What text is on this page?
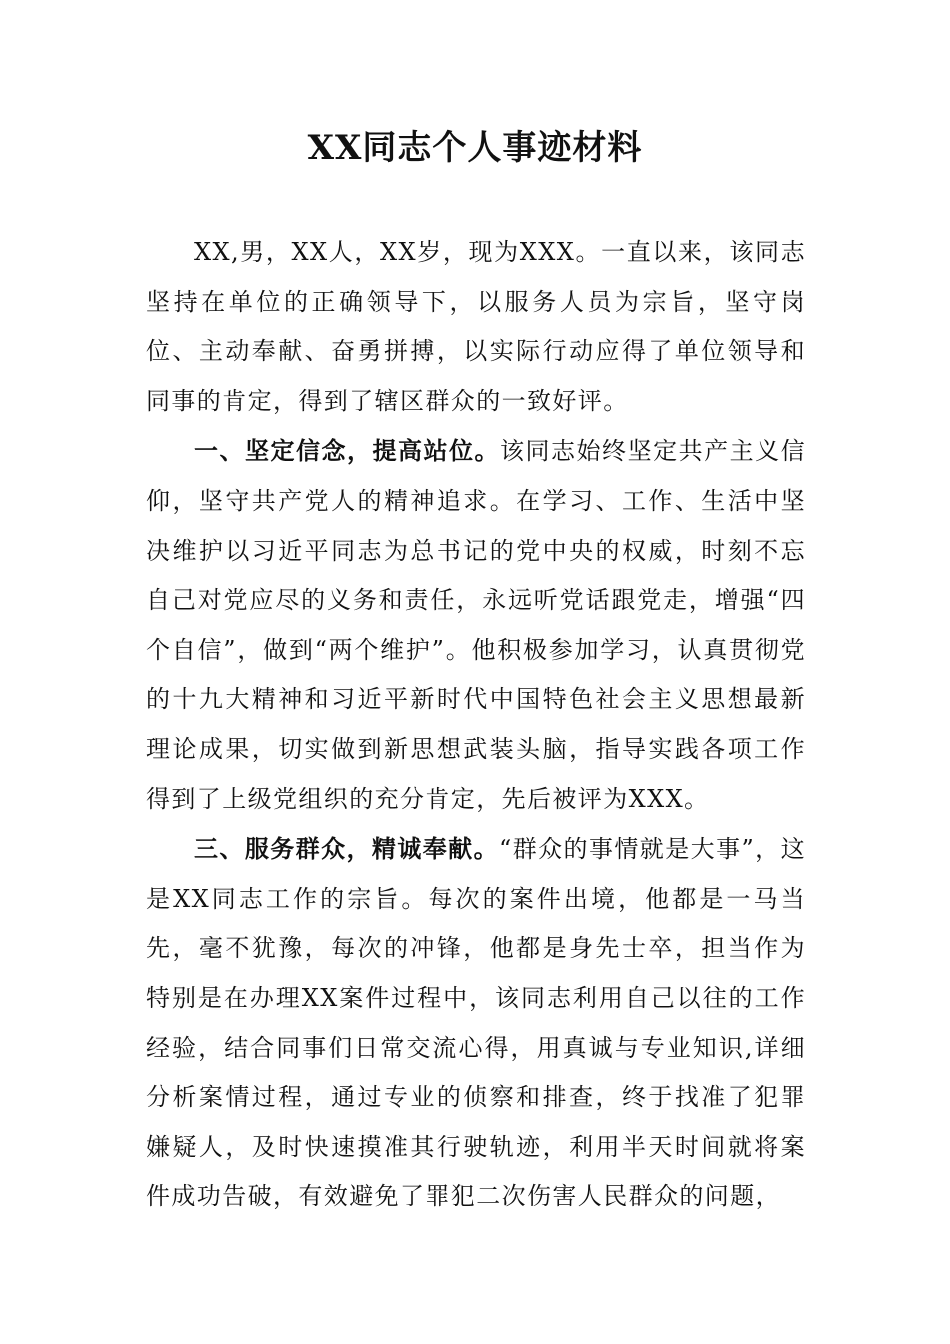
XX同志个人事迹材料

XX,男，XX人，XX岁，现为XXX。一直以来，该同志坚持在单位的正确领导下，以服务人员为宗旨，坚守岗位、主动奉献、奋勇拼搏，以实际行动应得了单位领导和同事的肯定，得到了辖区群众的一致好评。

一、坚定信念，提高站位。该同志始终坚定共产主义信仰，坚守共产党人的精神追求。在学习、工作、生活中坚决维护以习近平同志为总书记的党中央的权威，时刻不忘自己对党应尽的义务和责任，永远听党话跟党走，增强“四个自信”，做到“两个维护”。他积极参加学习，认真贯彻党的十九大精神和习近平新时代中国特色社会主义思想最新理论成果，切实做到新思想武装头脑，指导实践各项工作得到了上级党组织的充分肯定，先后被评为XXX。

三、服务群众，精诚奉献。“群众的事情就是大事”，这是XX同志工作的宗旨。每次的案件出境，他都是一马当先，毫不犹豫，每次的冲锋，他都是身先士卒，担当作为特别是在办理XX案件过程中，该同志利用自己以往的工作经验，结合同事们日常交流心得，用真诚与专业知识,详细分析案情过程，通过专业的侦察和排查，终于找准了犯罪嫌疑人，及时快速摸准其行驶轨迹，利用半天时间就将案件成功告破，有效避免了罪犯二次伤害人民群众的问题，
